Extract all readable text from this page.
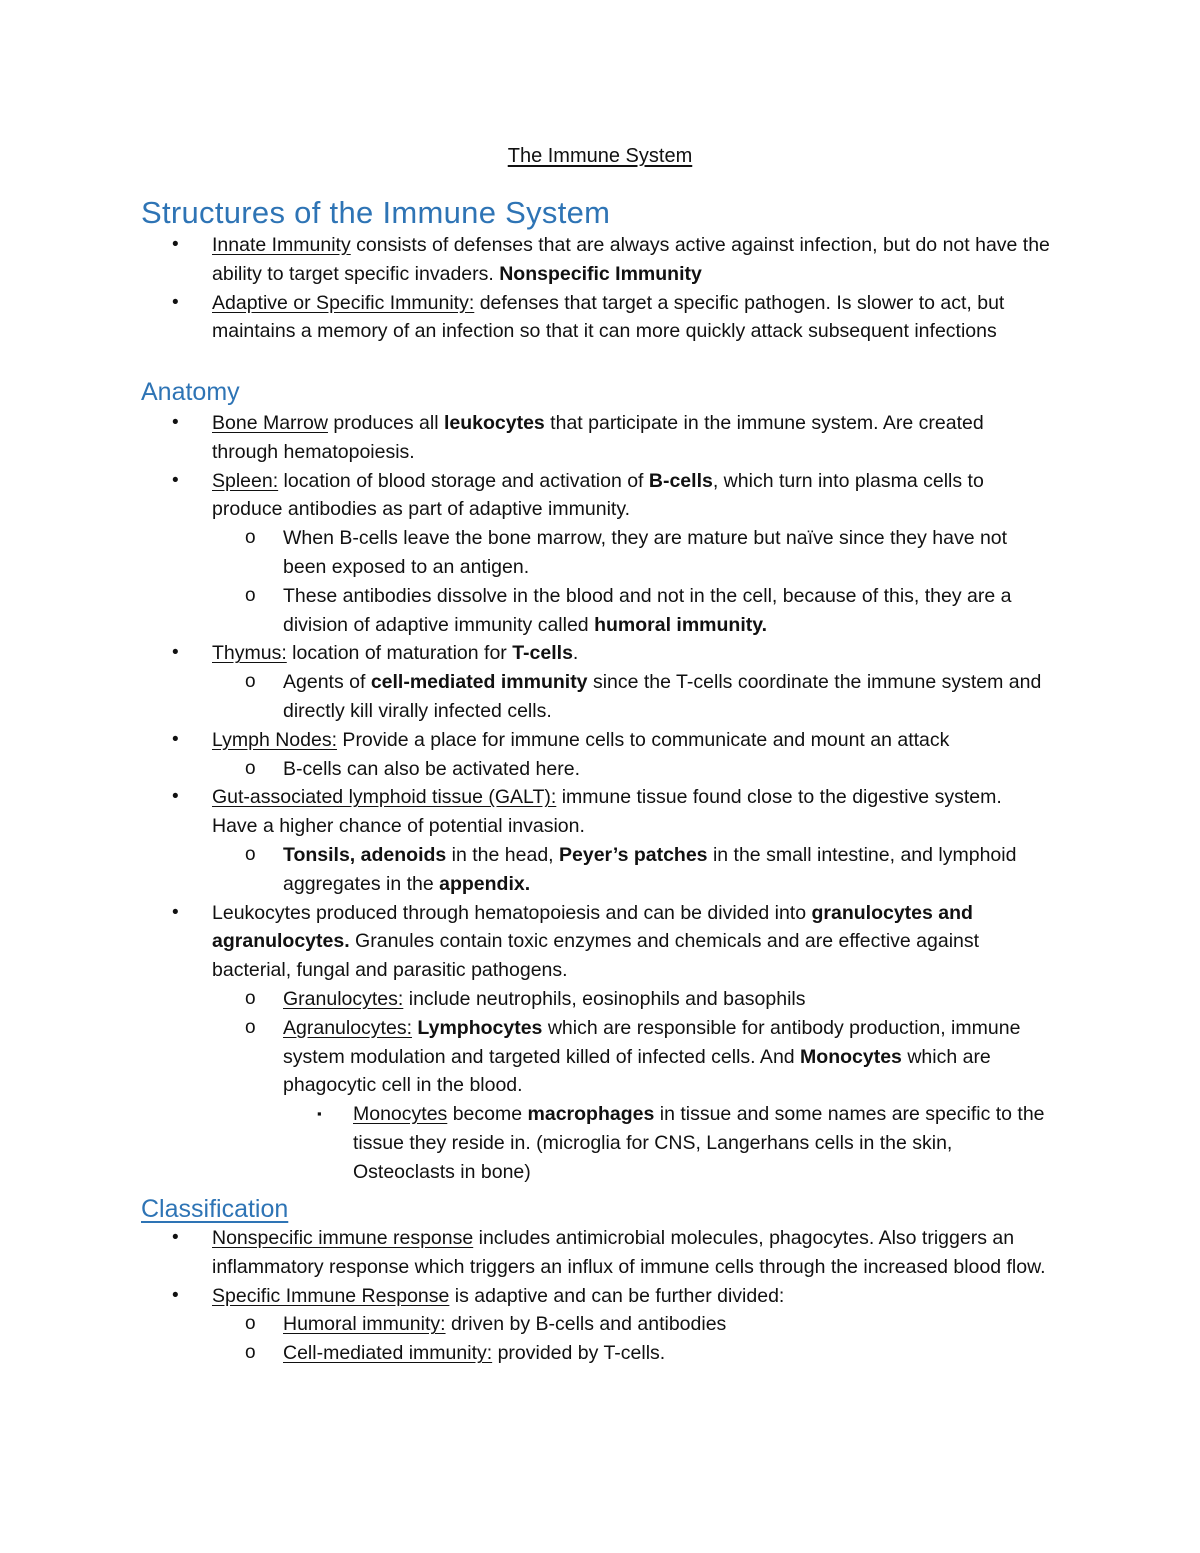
The Immune System
Structures of the Immune System
• Innate Immunity consists of defenses that are always active against infection, but do not have the ability to target specific invaders. Nonspecific Immunity
• Adaptive or Specific Immunity: defenses that target a specific pathogen. Is slower to act, but maintains a memory of an infection so that it can more quickly attack subsequent infections
Anatomy
• Bone Marrow produces all leukocytes that participate in the immune system. Are created through hematopoiesis.
• Spleen: location of blood storage and activation of B-cells, which turn into plasma cells to produce antibodies as part of adaptive immunity.
o When B-cells leave the bone marrow, they are mature but naïve since they have not been exposed to an antigen.
o These antibodies dissolve in the blood and not in the cell, because of this, they are a division of adaptive immunity called humoral immunity.
• Thymus: location of maturation for T-cells.
o Agents of cell-mediated immunity since the T-cells coordinate the immune system and directly kill virally infected cells.
• Lymph Nodes: Provide a place for immune cells to communicate and mount an attack
o B-cells can also be activated here.
• Gut-associated lymphoid tissue (GALT): immune tissue found close to the digestive system. Have a higher chance of potential invasion.
o Tonsils, adenoids in the head, Peyer’s patches in the small intestine, and lymphoid aggregates in the appendix.
• Leukocytes produced through hematopoiesis and can be divided into granulocytes and agranulocytes. Granules contain toxic enzymes and chemicals and are effective against bacterial, fungal and parasitic pathogens.
o Granulocytes: include neutrophils, eosinophils and basophils
o Agranulocytes: Lymphocytes which are responsible for antibody production, immune system modulation and targeted killed of infected cells. And Monocytes which are phagocytic cell in the blood.
▪ Monocytes become macrophages in tissue and some names are specific to the tissue they reside in. (microglia for CNS, Langerhans cells in the skin, Osteoclasts in bone)
Classification
• Nonspecific immune response includes antimicrobial molecules, phagocytes. Also triggers an inflammatory response which triggers an influx of immune cells through the increased blood flow.
• Specific Immune Response is adaptive and can be further divided:
o Humoral immunity: driven by B-cells and antibodies
o Cell-mediated immunity: provided by T-cells.
